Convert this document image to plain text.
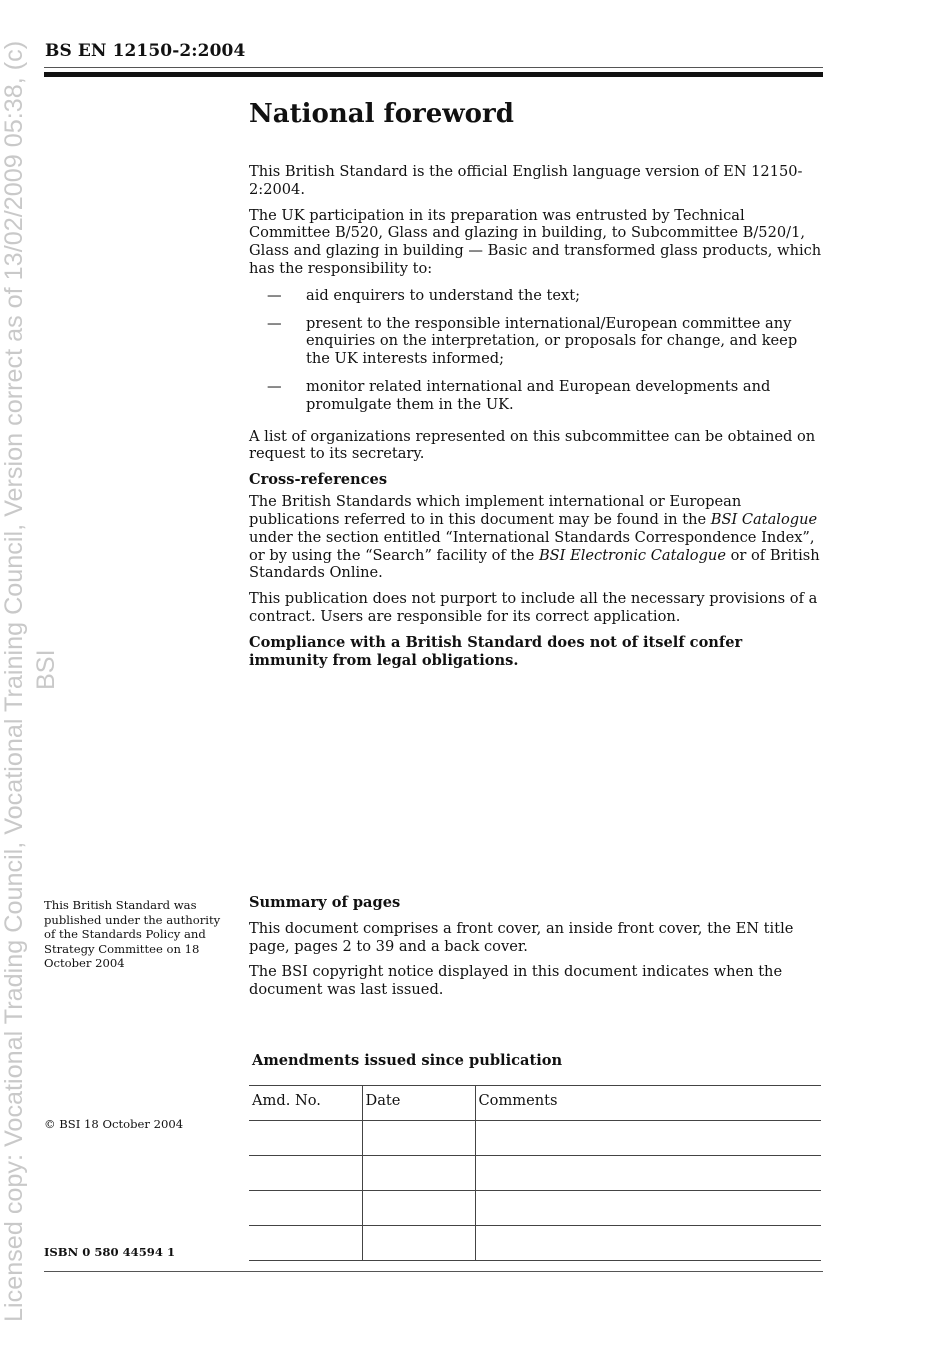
Licensed copy: Vocational Trading Council, Vocational Training Council, Version correct as of 13/02/2009 05:38, (c) BSI
BS EN 12150-2:2004
National foreword

This British Standard is the official English language version of EN 12150-2:2004.

The UK participation in its preparation was entrusted by Technical Committee B/520, Glass and glazing in building, to Subcommittee B/520/1, Glass and glazing in building — Basic and transformed glass products, which has the responsibility to:

— aid enquirers to understand the text;
— present to the responsible international/European committee any enquiries on the interpretation, or proposals for change, and keep the UK interests informed;
— monitor related international and European developments and promulgate them in the UK.

A list of organizations represented on this subcommittee can be obtained on request to its secretary.

Cross-references

The British Standards which implement international or European publications referred to in this document may be found in the BSI Catalogue under the section entitled “International Standards Correspondence Index”, or by using the “Search” facility of the BSI Electronic Catalogue or of British Standards Online.

This publication does not purport to include all the necessary provisions of a contract. Users are responsible for its correct application.

Compliance with a British Standard does not of itself confer immunity from legal obligations.

This British Standard was published under the authority of the Standards Policy and Strategy Committee on 18 October 2004
© BSI 18 October 2004
ISBN 0 580 44594 1
Summary of pages

This document comprises a front cover, an inside front cover, the EN title page, pages 2 to 39 and a back cover.

The BSI copyright notice displayed in this document indicates when the document was last issued.

Amendments issued since publication
Amd. No.	Date	Comments
